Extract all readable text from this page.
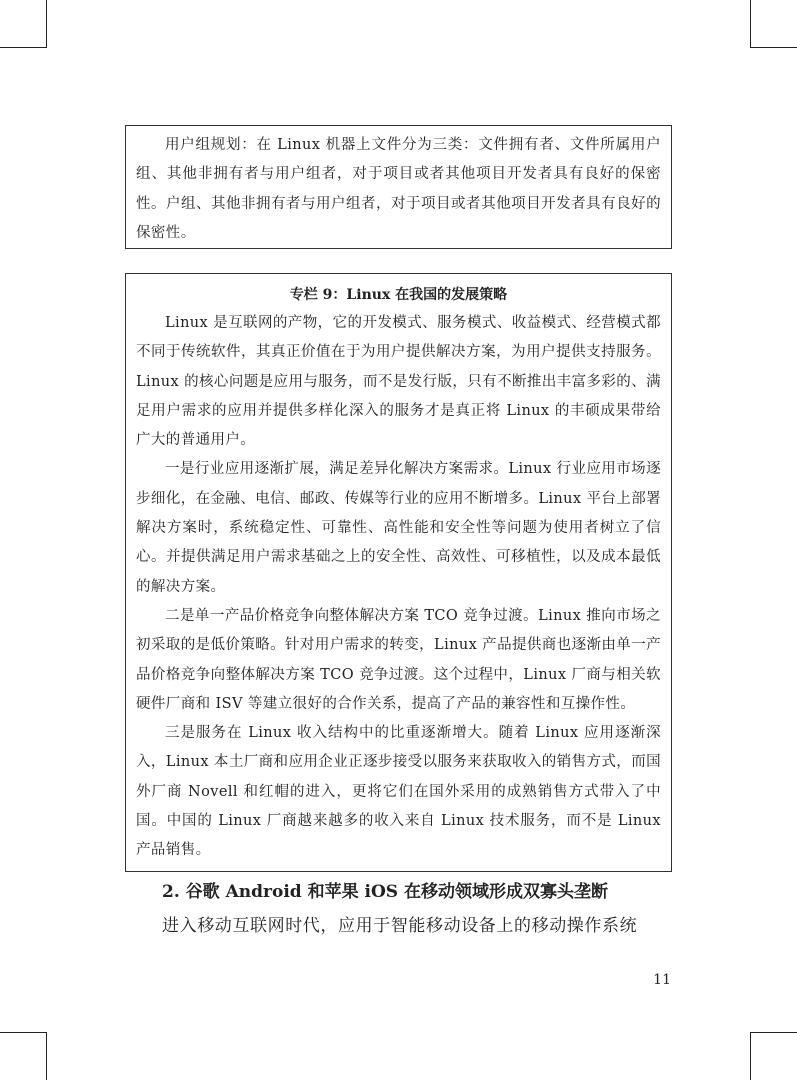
用户组规划：在 Linux 机器上文件分为三类：文件拥有者、文件所属用户组、其他非拥有者与用户组者，对于项目或者其他项目开发者具有良好的保密性。户组、其他非拥有者与用户组者，对于项目或者其他项目开发者具有良好的保密性。

专栏 9：Linux 在我国的发展策略

Linux 是互联网的产物，它的开发模式、服务模式、收益模式、经营模式都不同于传统软件，其真正价值在于为用户提供解决方案，为用户提供支持服务。Linux 的核心问题是应用与服务，而不是发行版，只有不断推出丰富多彩的、满足用户需求的应用并提供多样化深入的服务才是真正将 Linux 的丰硕成果带给广大的普通用户。

一是行业应用逐渐扩展，满足差异化解决方案需求。Linux 行业应用市场逐步细化，在金融、电信、邮政、传媒等行业的应用不断增多。Linux 平台上部署解决方案时，系统稳定性、可靠性、高性能和安全性等问题为使用者树立了信心。并提供满足用户需求基础之上的安全性、高效性、可移植性，以及成本最低的解决方案。

二是单一产品价格竞争向整体解决方案 TCO 竞争过渡。Linux 推向市场之初采取的是低价策略。针对用户需求的转变，Linux 产品提供商也逐渐由单一产品价格竞争向整体解决方案 TCO 竞争过渡。这个过程中，Linux 厂商与相关软硬件厂商和 ISV 等建立很好的合作关系，提高了产品的兼容性和互操作性。

三是服务在 Linux 收入结构中的比重逐渐增大。随着 Linux 应用逐渐深入，Linux 本土厂商和应用企业正逐步接受以服务来获取收入的销售方式，而国外厂商 Novell 和红帽的进入，更将它们在国外采用的成熟销售方式带入了中国。中国的 Linux 厂商越来越多的收入来自 Linux 技术服务，而不是 Linux 产品销售。

2. 谷歌 Android 和苹果 iOS 在移动领域形成双寡头垄断

进入移动互联网时代，应用于智能移动设备上的移动操作系统

11
